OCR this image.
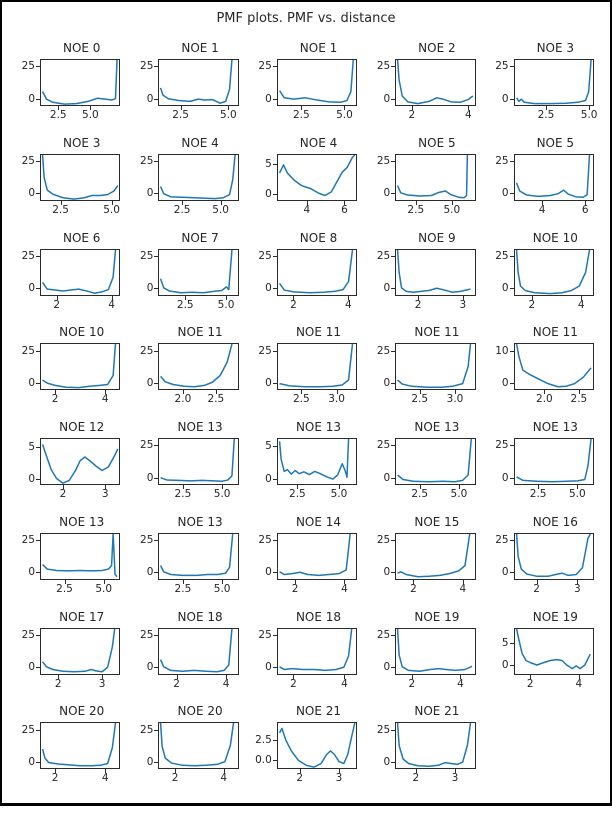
PMF plots. PMF vs. distance
NOE 0
0
25
2.5 5.0
NOE 1
0
25
2.5	5.0
NOE 1
0
25
2.5	5.0
NOE 2
0
25
2	4
NOE 3
0
25
2.5	5.0
NOE 3
0
25
2.5	5.0
NOE 4
0
25
2.5 5.0
NOE 4
0
5
4	6
NOE 5
0
25
2.5 5.0
NOE 5
0
25
4	6
NOE 6
0
25
2	4
NOE 7
0
25
2.5 5.0
NOE 8
0
25
2	4
NOE 9
0
25
2	3
NOE 10
0
25
2	4
NOE 10
0
25
2	4
NOE 11
0
25
2.0 2.5
NOE 11
0
25
2.5 3.0
NOE 11
0
25
2.5 3.0
NOE 11
0
10
2.0 2.5
NOE 12
0
5
2	3
NOE 13
0
25
2.5 5.0
NOE 13
0
5
2.5 5.0
NOE 13
0
25
2.5 5.0
NOE 13
0
25
2.5 5.0
NOE 13
0
25
2.5 5.0
NOE 13
0
25
2.5 5.0
NOE 14
0
25
2	4
NOE 15
0
25
2	4
NOE 16
0
25
2	3
NOE 17
0
25
2	3
NOE 18
0
25
2	4
NOE 18
0
25
2	4
NOE 19
0
25
2	4
NOE 19
0
5
2	4
NOE 20
0
25
2	4
NOE 20
0
25
2	4
NOE 21
0.0
2.5
2	3
NOE 21
0
25
2	3
